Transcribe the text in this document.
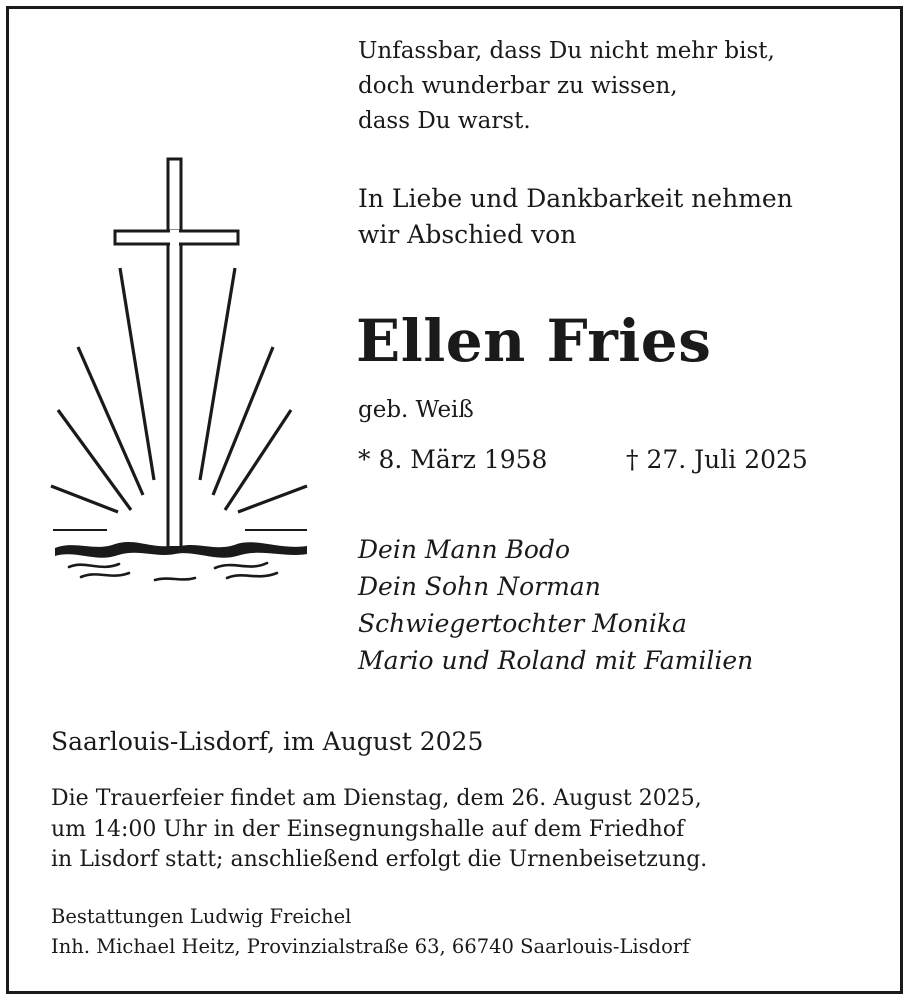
Unfassbar, dass Du nicht mehr bist,
doch wunderbar zu wissen,
dass Du warst.
In Liebe und Dankbarkeit nehmen
wir Abschied von
Ellen Fries
geb. Weiß
* 8. März 1958	† 27. Juli 2025
Dein Mann Bodo
Dein Sohn Norman
Schwiegertochter Monika
Mario und Roland mit Familien
Saarlouis-Lisdorf, im August 2025
Die Trauerfeier findet am Dienstag, dem 26. August 2025,
um 14:00 Uhr in der Einsegnungshalle auf dem Friedhof
in Lisdorf statt; anschließend erfolgt die Urnenbeisetzung.
Bestattungen Ludwig Freichel
Inh. Michael Heitz, Provinzialstraße 63, 66740 Saarlouis-Lisdorf
